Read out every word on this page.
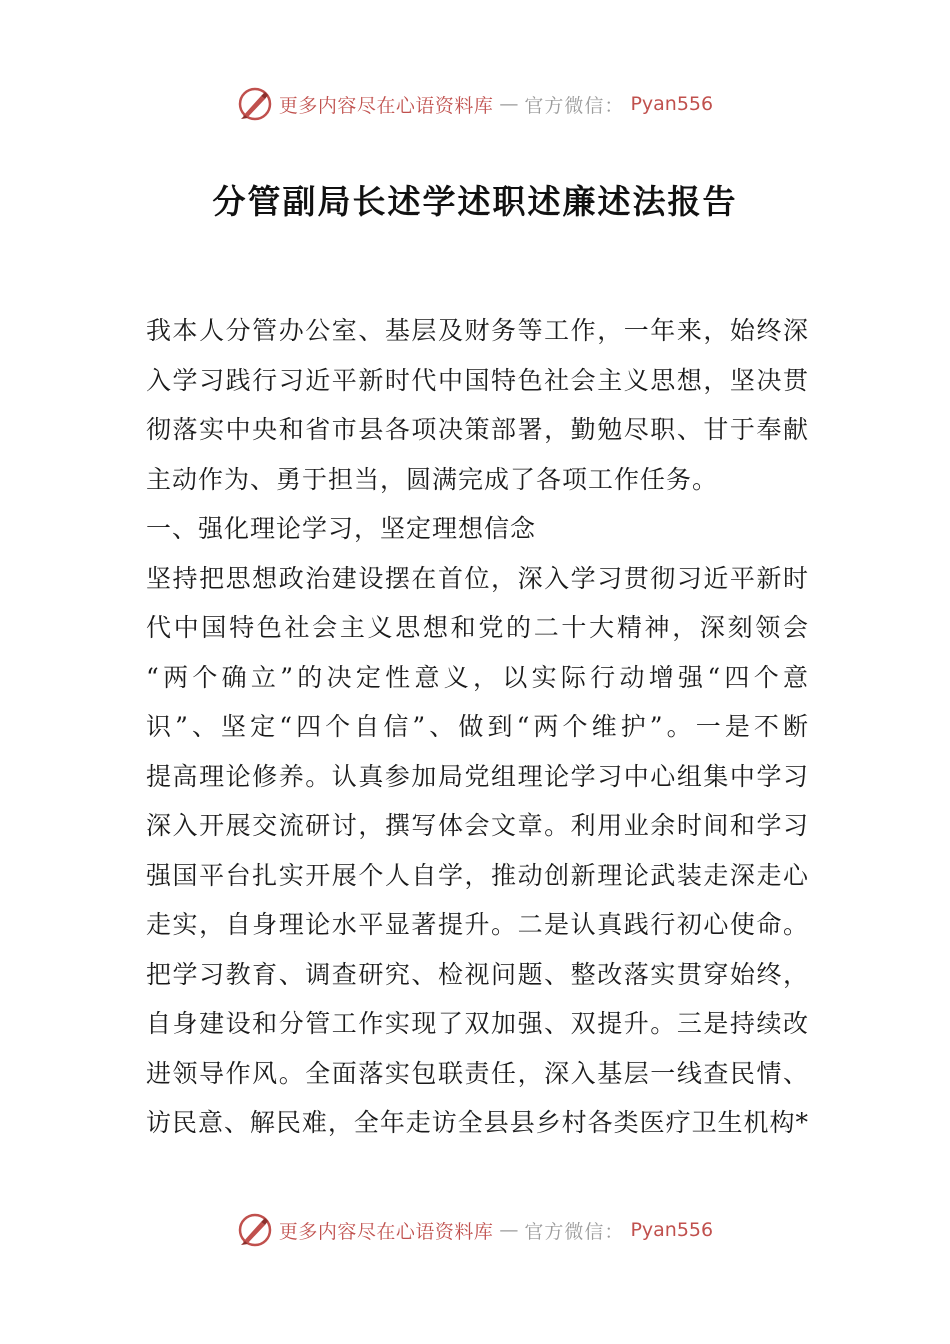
更多内容尽在心语资料库 — 官方微信： Pyan556
分管副局长述学述职述廉述法报告
我本人分管办公室、基层及财务等工作，一年来，始终深
入学习践行习近平新时代中国特色社会主义思想，坚决贯
彻落实中央和省市县各项决策部署，勤勉尽职、甘于奉献
主动作为、勇于担当，圆满完成了各项工作任务。
一、强化理论学习，坚定理想信念
坚持把思想政治建设摆在首位，深入学习贯彻习近平新时
代中国特色社会主义思想和党的二十大精神，深刻领会
“两个确立”的决定性意义，以实际行动增强“四个意
识”、坚定“四个自信”、做到“两个维护”。一是不断
提高理论修养。认真参加局党组理论学习中心组集中学习
深入开展交流研讨，撰写体会文章。利用业余时间和学习
强国平台扎实开展个人自学，推动创新理论武装走深走心
走实，自身理论水平显著提升。二是认真践行初心使命。
把学习教育、调查研究、检视问题、整改落实贯穿始终，
自身建设和分管工作实现了双加强、双提升。三是持续改
进领导作风。全面落实包联责任，深入基层一线查民情、
访民意、解民难，全年走访全县县乡村各类医疗卫生机构*
更多内容尽在心语资料库 — 官方微信： Pyan556
